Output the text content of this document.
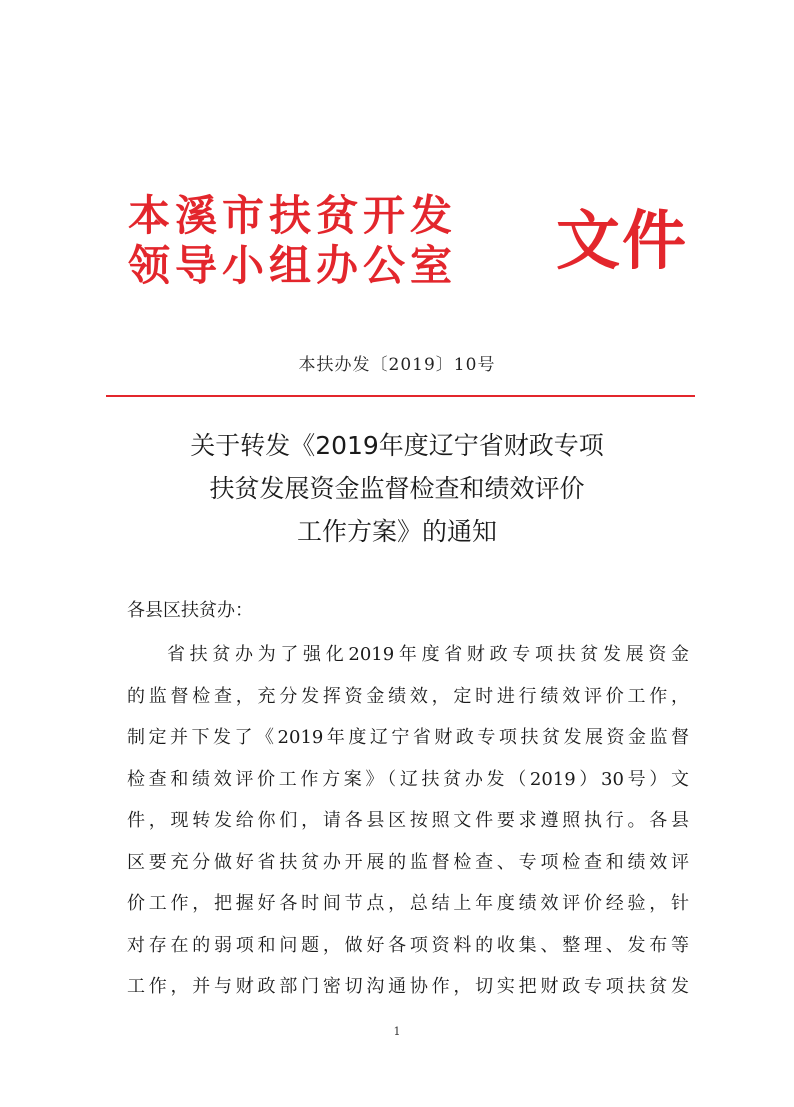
本溪市扶贫开发
领导小组办公室 文件
本扶办发〔2019〕10号
关于转发《2019年度辽宁省财政专项
扶贫发展资金监督检查和绩效评价
工作方案》的通知
各县区扶贫办：
省扶贫办为了强化2019年度省财政专项扶贫发展资金
的监督检查，充分发挥资金绩效，定时进行绩效评价工作，
制定并下发了《2019年度辽宁省财政专项扶贫发展资金监督
检查和绩效评价工作方案》（辽扶贫办发（2019）30号）文
件，现转发给你们，请各县区按照文件要求遵照执行。各县
区要充分做好省扶贫办开展的监督检查、专项检查和绩效评
价工作，把握好各时间节点，总结上年度绩效评价经验，针
对存在的弱项和问题，做好各项资料的收集、整理、发布等
工作，并与财政部门密切沟通协作，切实把财政专项扶贫发
1
